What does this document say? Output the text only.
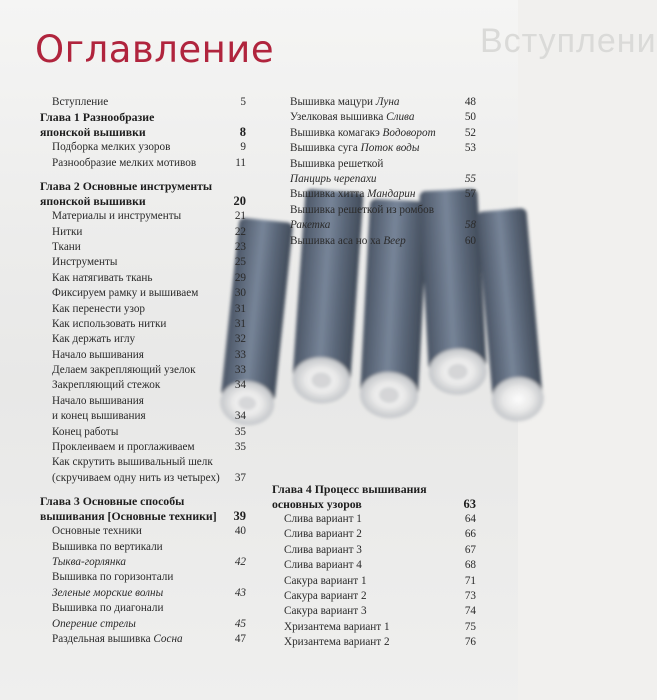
Вступлени
Оглавление
Вступление	5
Глава 1 Разнообразие
японской вышивки	8
Подборка мелких узоров	9
Разнообразие мелких мотивов	11
Глава 2 Основные инструменты
японской вышивки	20
Материалы и инструменты	21
Нитки	22
Ткани	23
Инструменты	25
Как натягивать ткань	29
Фиксируем рамку и вышиваем	30
Как перенести узор	31
Как использовать нитки	31
Как держать иглу	32
Начало вышивания	33
Делаем закрепляющий узелок	33
Закрепляющий стежок	34
Начало вышивания
и конец вышивания	34
Конец работы	35
Проклеиваем и проглаживаем	35
Как скрутить вышивальный шелк
(скручиваем одну нить из четырех) 37
Глава 3 Основные способы
вышивания [Основные техники] 39
Основные техники	40
Вышивка по вертикали
Тыква-горлянка	42
Вышивка по горизонтали
Зеленые морские волны	43
Вышивка по диагонали
Оперение стрелы	45
Раздельная вышивка Сосна	47
Вышивка мацури Луна	48
Узелковая вышивка Слива	50
Вышивка комагакэ Водоворот	52
Вышивка суга Поток воды	53
Вышивка решеткой
Панцирь черепахи	55
Вышивка хитта Мандарин	57
Вышивка решеткой из ромбов
Ракетка	58
Вышивка аса но ха Веер	60
Глава 4 Процесс вышивания
основных узоров	63
Слива вариант 1	64
Слива вариант 2	66
Слива вариант 3	67
Слива вариант 4	68
Сакура вариант 1	71
Сакура вариант 2	73
Сакура вариант 3	74
Хризантема вариант 1	75
Хризантема вариант 2	76
